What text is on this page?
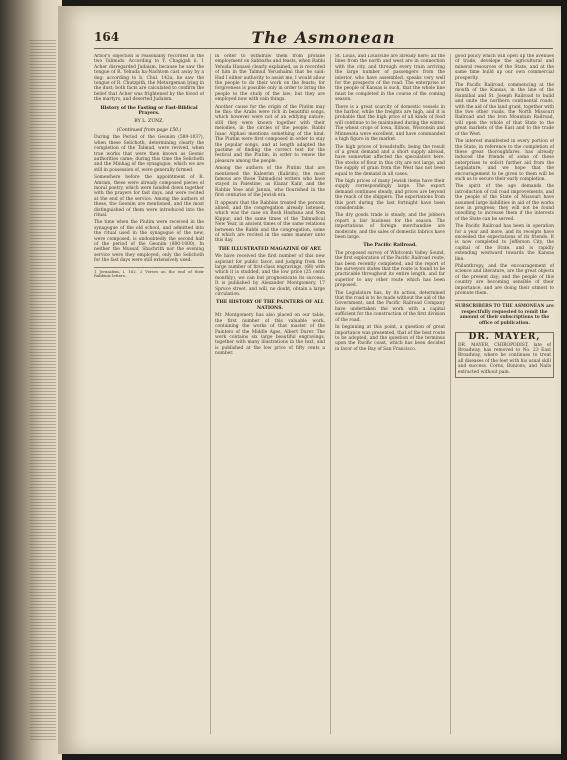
164	The Asmonean

Arbor's objection is reasonably recorded in the two Talmuds. According to Y. Chagigah ii. 1 Acher disregarded Judaism, because he saw the tongue of R. Yehuda ha-Nachtom cast away by a dog; according to b. Chul. 142a, he saw the tongue of R. Chutzpith, the Meturgeman lying in the dust; both facts are calculated to confirm the belief that Acher was frightened by the blood of the martyrs, and deserted Judaism.

History of the Fasting or Fast-Biblical Prayers.
BY L. ZUNZ.
(Continued from page 150.)

During the Period of the Geonim (589-1037), when these Selichoth, determining clearly the completion of the Talmud, were revived, when true works that were then known as Geonic authorities came; during this time the Selichoth and the Minhag of the synagogue, which we are still in possession of, were generally formed.

Somewhere before the appointment of R. Amram, these were already composed pieces of moral poetry, which were handed down together with the prayers for fast days, and were recited at the end of the service. Among the authors of these, the Geonim are mentioned, and the most distinguished of them were introduced into the ritual.

The time when the Piutim were received in the synagogue of the old school, and admitted into the ritual used in the synagogue of the new, were composed, is undoubtedly the second half of the period of the Geonim (800-1000). In neither the Mussaf, Shachrith nor the evening service were they employed; only the Selichoth for the fast days were still extensively used.

1 Jerusalem, i. 162. 2 Verses on the end of their Rabbinic letters.

in order to withdraw them from profane employment on Sabbaths and feasts, when Rabbi Yehuda Hanassi clearly explained, as is recorded of him in the Talmud Yerushalmi that he said: Had I either authority to assist me, I would allow the people to do their work on the feasts; for forgiveness is possible only in order to bring the people to the study of the law; but they are employed now with vain things.

Another cause for the origin of the Piutim may be this: the Arabs were rich in beautiful songs, which however were not of an edifying nature; still they were known together with their melodies, in the circles of the people. Rabbi Isaac Alphasi mentions something of the kind. The Piutim were first composed in order to stay the popular songs, and at length adapted the pastime of finding the correct text for the festival and the Piutim, in order to renew the pleasure among the people.

Among the authors of the Piutim that are mentioned the Kaleerim (Kalirim), the most famous are those Talmudical writers who have stayed in Palestine, as Elazar Kalir, and the Rabbis Yose and Jannai, who flourished in the first centuries of the Jewish era.

It appears that the Rabbins treated the persons alined, and the congregation already listened, which was the case on Rosh Hashana and Yom Kippur, and the same times of the Talmudical New Year, in ancient times of the same relations between the Rabbi and the congregation, some of which are recited in the same manner unto this day.

THE ILLUSTRATED MAGAZINE OF ART.

We have received the first number of this new aspirant for public favor, and judging from the large number of first-class engravings, (68) with which it is studded, and the low price (25 cents monthly), we can but prognosticate its success. It is published by Alexander Montgomery, 17 Spruce street, and will, no doubt, obtain a large circulation.

THE HISTORY OF THE PAINTERS OF ALL NATIONS.

Mr. Montgomery has also placed on our table, the first number of this valuable work, containing the works of that master of the Painters of the Middle Ages, Albert Durer. The work contains six large beautiful engravings, together with many illustrations in the text, and is published at the low price of fifty cents a number.

St. Louis, and Louisville are already here; all the lines from the north and west are in connection with the city, and through every train arriving the large number of passengers from the interior, who have assembled, speaks very well for the prospects of the road. The enterprise of the people of Kansas is such, that the whole line must be completed in the course of the coming season.

There is a great scarcity of domestic vessels in the harbor, while the freights are high, and it is probable that the high price of all kinds of food will continue to be maintained during the winter. The wheat crops of Iowa, Illinois, Wisconsin and Minnesota were excellent, and have commanded a high figure in the market.

The high prices of breadstuffs, being the result of a great demand and a short supply abroad, have somewhat affected the speculators here. The stocks of flour in this city are not large, and the supply of grain from the West has not been equal to the demand in all cases.

The high prices of many Jewish items have their supply correspondingly large. The export demand continues steady, and prices are beyond the reach of the shippers. The exportations from this port during the last fortnight have been considerable.

The dry goods trade is steady, and the jobbers report a fair business for the season. The importations of foreign merchandise are moderate, and the sales of domestic fabrics have been large.

The Pacific Railroad.

The proposed survey of Whitcomb Valley Sound, the first exploration of the Pacific Railroad route, has been recently completed, and the report of the surveyors states that the route is found to be practicable throughout its entire length, and far superior to any other route which has been proposed.

The Legislature has, by its action, determined that the road is to be made without the aid of the Government, and the Pacific Railroad Company have undertaken the work with a capital sufficient for the construction of the first division of the road.

In beginning at this point, a question of great importance was presented, that of the best route to be adopted, and the question of the terminus upon the Pacific coast, which has been decided in favor of the Bay of San Francisco.

good policy which will open up the avenues of trade, develope the agricultural and mineral resources of the State, and at the same time build up our own commercial prosperity.

The Pacific Railroad, commencing at the mouth of the Kansas, in the line of the Hannibal and St. Joseph Railroad to build and unite the northern continental roads, with the aid of the land grant, together with the two other roads, the North Missouri Railroad and the Iron Mountain Railroad, will open the whole of that State to the great markets of the East and to the trade of the West.

The interest manifested in every portion of the State, in reference to the completion of these great thoroughfares, has already induced the friends of some of these enterprises to solicit further aid from the Legislature, and we hope that the encouragement to be given to them will be such as to secure their early completion.

The spirit of the age demands the introduction of rail road improvements, and the people of the State of Missouri have assumed large liabilities in aid of the works now in progress; they will not be found unwilling to increase them if the interests of the State can be served.

The Pacific Railroad has been in operation for a year and more, and its receipts have exceeded the expectations of its friends. It is now completed to Jefferson City, the capital of the State, and is rapidly extending westward towards the Kansas line.

Philanthropy, and the encouragement of science and literature, are the great objects of the present day; and the people of this country are becoming sensible of their importance, and are doing their utmost to promote them.

SUBSCRIBERS TO THE ASMONEAN are respectfully requested to remit the amount of their subscriptions to the office of publication.
DR. MAYER,

DR. MAYER, CHIROPODIST, late of Broadway, has removed to No. 23 East Broadway, where he continues to treat all diseases of the feet with his usual skill and success. Corns, Bunions, and Nails extracted without pain.
